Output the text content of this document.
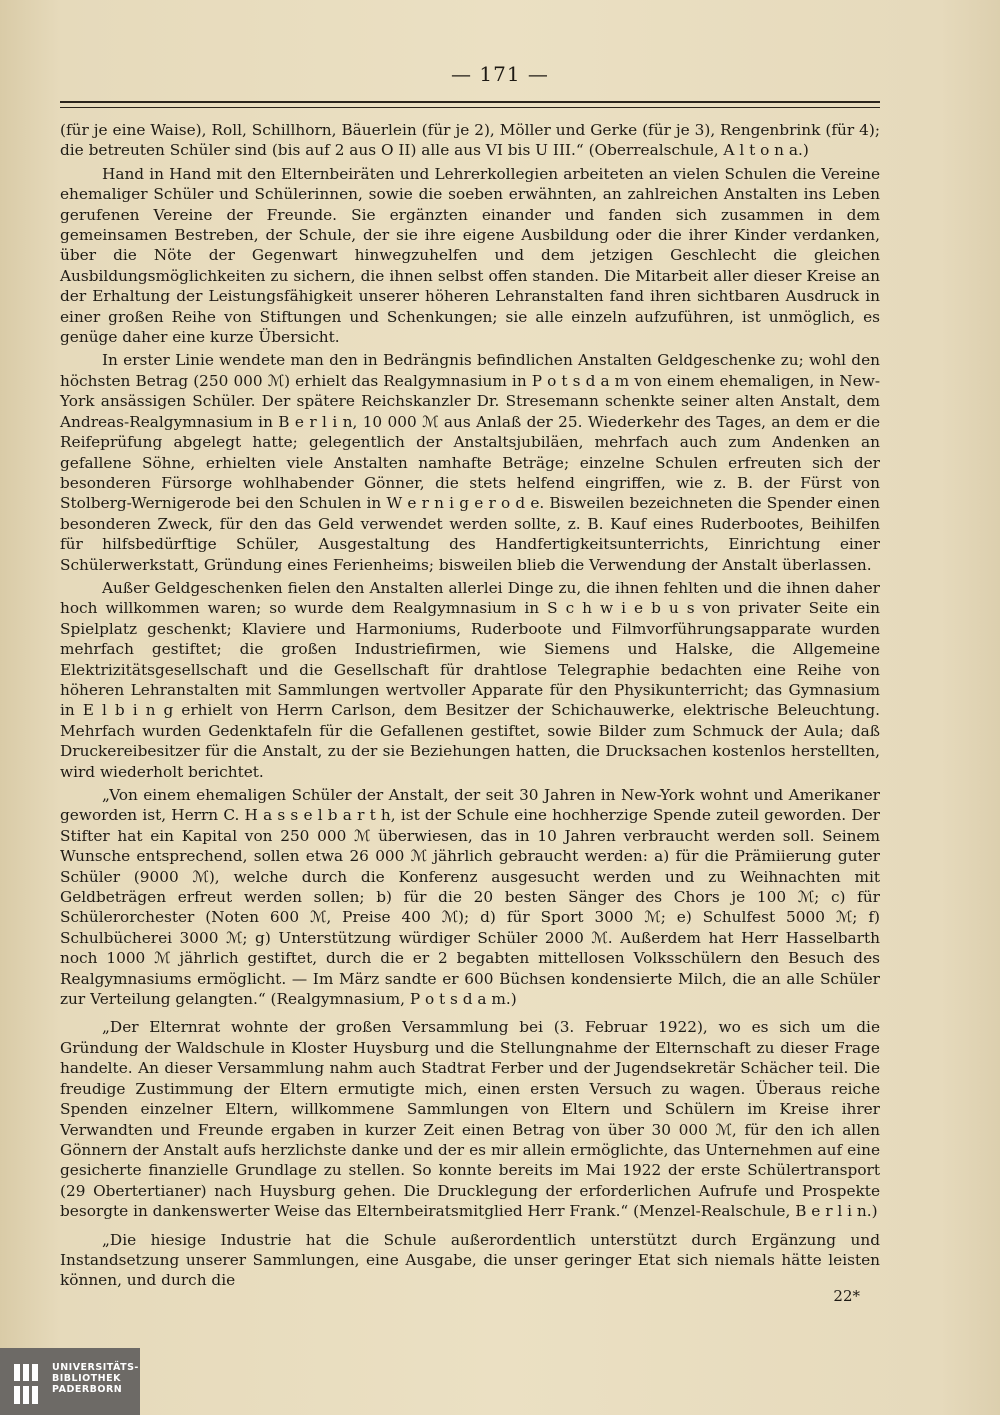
— 171 —

(für je eine Waise), Roll, Schillhorn, Bäuerlein (für je 2), Möller und Gerke (für je 3), Rengenbrink (für 4); die betreuten Schüler sind (bis auf 2 aus O II) alle aus VI bis U III.“ (Oberrealschule, A l t o n a.)

Hand in Hand mit den Elternbeiräten und Lehrerkollegien arbeiteten an vielen Schulen die Vereine ehemaliger Schüler und Schülerinnen, sowie die soeben erwähnten, an zahlreichen Anstalten ins Leben gerufenen Vereine der Freunde. Sie ergänzten einander und fanden sich zusammen in dem gemeinsamen Bestreben, der Schule, der sie ihre eigene Ausbildung oder die ihrer Kinder verdanken, über die Nöte der Gegenwart hinwegzuhelfen und dem jetzigen Geschlecht die gleichen Ausbildungsmöglichkeiten zu sichern, die ihnen selbst offen standen. Die Mitarbeit aller dieser Kreise an der Erhaltung der Leistungsfähigkeit unserer höheren Lehranstalten fand ihren sichtbaren Ausdruck in einer großen Reihe von Stiftungen und Schenkungen; sie alle einzeln aufzuführen, ist unmöglich, es genüge daher eine kurze Übersicht.

In erster Linie wendete man den in Bedrängnis befindlichen Anstalten Geldgeschenke zu; wohl den höchsten Betrag (250 000 ℳ) erhielt das Realgymnasium in P o t s d a m von einem ehemaligen, in New-York ansässigen Schüler. Der spätere Reichskanzler Dr. Stresemann schenkte seiner alten Anstalt, dem Andreas-Realgymnasium in B e r l i n, 10 000 ℳ aus Anlaß der 25. Wiederkehr des Tages, an dem er die Reifeprüfung abgelegt hatte; gelegentlich der Anstaltsjubiläen, mehrfach auch zum Andenken an gefallene Söhne, erhielten viele Anstalten namhafte Beträge; einzelne Schulen erfreuten sich der besonderen Fürsorge wohlhabender Gönner, die stets helfend eingriffen, wie z. B. der Fürst von Stolberg-Wernigerode bei den Schulen in W e r n i g e r o d e. Bisweilen bezeichneten die Spender einen besonderen Zweck, für den das Geld verwendet werden sollte, z. B. Kauf eines Ruderbootes, Beihilfen für hilfsbedürftige Schüler, Ausgestaltung des Handfertigkeitsunterrichts, Einrichtung einer Schülerwerkstatt, Gründung eines Ferienheims; bisweilen blieb die Verwendung der Anstalt überlassen.

Außer Geldgeschenken fielen den Anstalten allerlei Dinge zu, die ihnen fehlten und die ihnen daher hoch willkommen waren; so wurde dem Realgymnasium in S c h w i e b u s von privater Seite ein Spielplatz geschenkt; Klaviere und Harmoniums, Ruderboote und Filmvorführungsapparate wurden mehrfach gestiftet; die großen Industriefirmen, wie Siemens und Halske, die Allgemeine Elektrizitätsgesellschaft und die Gesellschaft für drahtlose Telegraphie bedachten eine Reihe von höheren Lehranstalten mit Sammlungen wertvoller Apparate für den Physikunterricht; das Gymnasium in E l b i n g erhielt von Herrn Carlson, dem Besitzer der Schichauwerke, elektrische Beleuchtung. Mehrfach wurden Gedenktafeln für die Gefallenen gestiftet, sowie Bilder zum Schmuck der Aula; daß Druckereibesitzer für die Anstalt, zu der sie Beziehungen hatten, die Drucksachen kostenlos herstellten, wird wiederholt berichtet.

„Von einem ehemaligen Schüler der Anstalt, der seit 30 Jahren in New-York wohnt und Amerikaner geworden ist, Herrn C. H a s s e l b a r t h, ist der Schule eine hochherzige Spende zuteil geworden. Der Stifter hat ein Kapital von 250 000 ℳ überwiesen, das in 10 Jahren verbraucht werden soll. Seinem Wunsche entsprechend, sollen etwa 26 000 ℳ jährlich gebraucht werden: a) für die Prämiierung guter Schüler (9000 ℳ), welche durch die Konferenz ausgesucht werden und zu Weihnachten mit Geldbeträgen erfreut werden sollen; b) für die 20 besten Sänger des Chors je 100 ℳ; c) für Schülerorchester (Noten 600 ℳ, Preise 400 ℳ); d) für Sport 3000 ℳ; e) Schulfest 5000 ℳ; f) Schulbücherei 3000 ℳ; g) Unterstützung würdiger Schüler 2000 ℳ. Außerdem hat Herr Hasselbarth noch 1000 ℳ jährlich gestiftet, durch die er 2 begabten mittellosen Volksschülern den Besuch des Realgymnasiums ermöglicht. — Im März sandte er 600 Büchsen kondensierte Milch, die an alle Schüler zur Verteilung gelangten.“ (Realgymnasium, P o t s d a m.)

„Der Elternrat wohnte der großen Versammlung bei (3. Februar 1922), wo es sich um die Gründung der Waldschule in Kloster Huysburg und die Stellungnahme der Elternschaft zu dieser Frage handelte. An dieser Versammlung nahm auch Stadtrat Ferber und der Jugendsekretär Schächer teil. Die freudige Zustimmung der Eltern ermutigte mich, einen ersten Versuch zu wagen. Überaus reiche Spenden einzelner Eltern, willkommene Sammlungen von Eltern und Schülern im Kreise ihrer Verwandten und Freunde ergaben in kurzer Zeit einen Betrag von über 30 000 ℳ, für den ich allen Gönnern der Anstalt aufs herzlichste danke und der es mir allein ermöglichte, das Unternehmen auf eine gesicherte finanzielle Grundlage zu stellen. So konnte bereits im Mai 1922 der erste Schülertransport (29 Obertertianer) nach Huysburg gehen. Die Drucklegung der erforderlichen Aufrufe und Prospekte besorgte in dankenswerter Weise das Elternbeiratsmitglied Herr Frank.“ (Menzel-Realschule, B e r l i n.)

„Die hiesige Industrie hat die Schule außerordentlich unterstützt durch Ergänzung und Instandsetzung unserer Sammlungen, eine Ausgabe, die unser geringer Etat sich niemals hätte leisten können, und durch die

22*
UNIVERSITÄTS-
BIBLIOTHEK
PADERBORN
